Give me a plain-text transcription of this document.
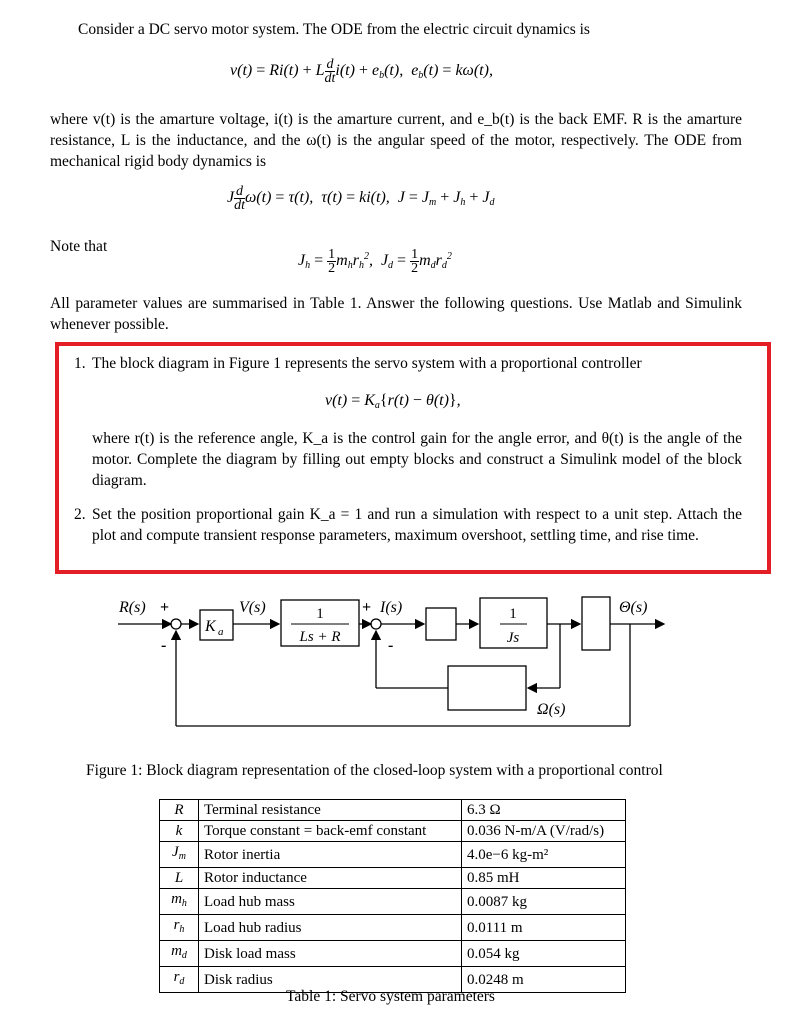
Consider a DC servo motor system. The ODE from the electric circuit dynamics is
v(t) = Ri(t) + L $\frac{d}{dt} i(t) + e_b(t)$,  $e_b(t) = k\omega(t)$,
where v(t) is the amarture voltage, i(t) is the amarture current, and e_b(t) is the back EMF. R is the amarture resistance, L is the inductance, and the ω(t) is the angular speed of the motor, respectively. The ODE from mechanical rigid body dynamics is
J $\frac{d}{dt} \omega(t) = \tau(t)$,  τ(t) = ki(t),  $J = J_m + J_h + J_d$
Note that
$J_h = \frac{1}{2} m_hr_h^2$,  $J_d = \frac{1}{2} m_dr_d^2$
All parameter values are summarised in Table 1. Answer the following questions. Use Matlab and Simulink whenever possible.
1. The block diagram in Figure 1 represents the servo system with a proportional controller
$v(t) = K_a\{r(t) - \theta(t)\}$,
where r(t) is the reference angle, K_a is the control gain for the angle error, and θ(t) is the angle of the motor. Complete the diagram by filling out empty blocks and construct a Simulink model of the block diagram.
2. Set the position proportional gain K_a = 1 and run a simulation with respect to a unit step. Attach the plot and compute transient response parameters, maximum overshoot, settling time, and rise time.
R(s) +
-
K a
V(s)	1
Ls + R
+
-
I(s)	1
Js
Θ(s)
Ω(s)
Figure 1: Block diagram representation of the closed-loop system with a proportional control
R	Terminal resistance	6.3 Ω
k	Torque constant = back-emf constant	0.036 N-m/A (V/rad/s)
$J_m$	Rotor inertia	4.0e−6 kg-m²
L	Rotor inductance	0.85 mH
$m_h$	Load hub mass	0.0087 kg
$r_h$	Load hub radius	0.0111 m
$m_d$	Disk load mass	0.054 kg
$r_d$	Disk radius	0.0248 m
Table 1: Servo system parameters
